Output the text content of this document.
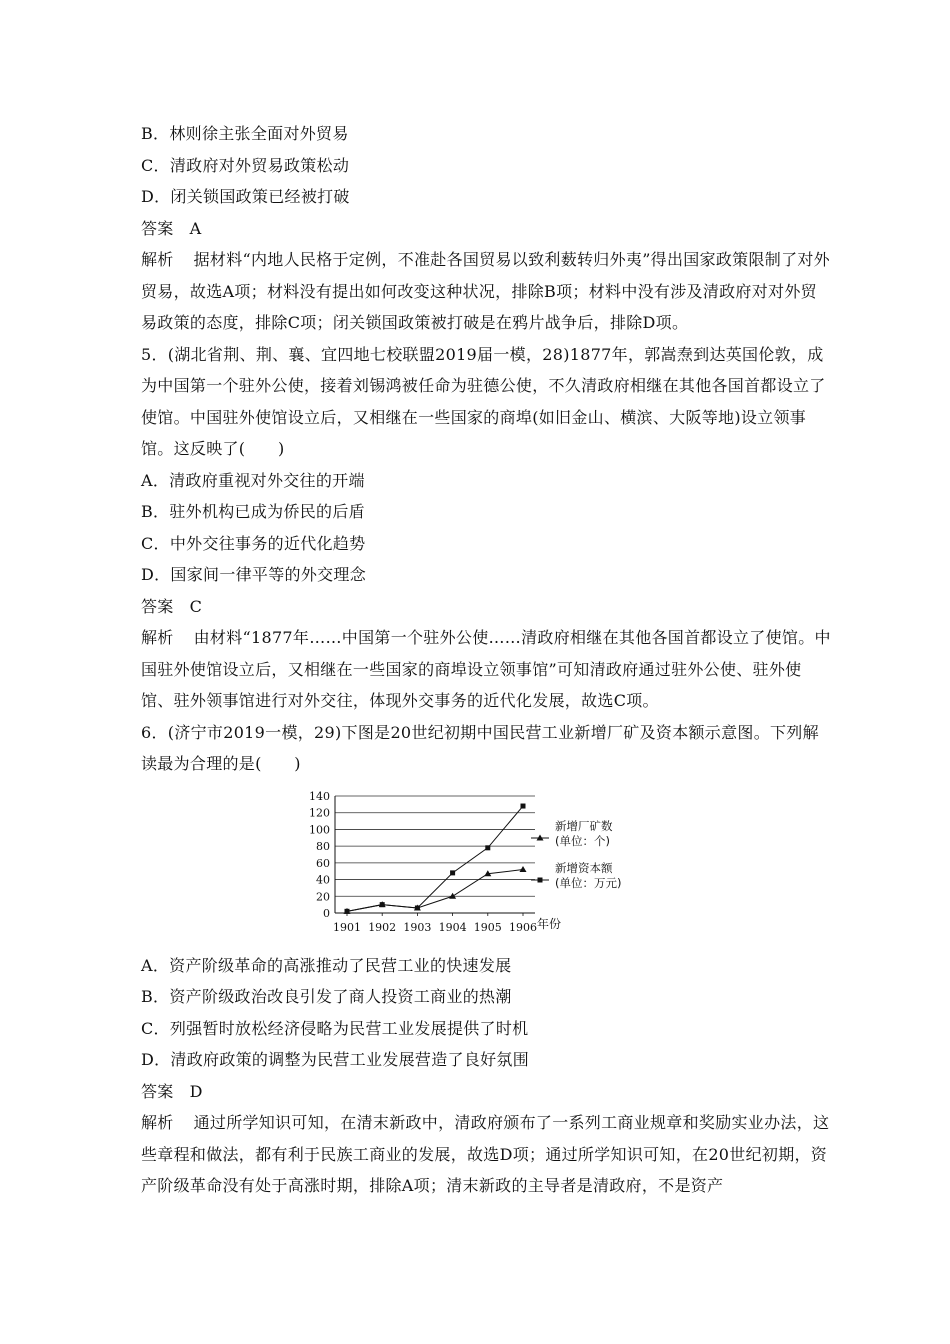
B．林则徐主张全面对外贸易
C．清政府对外贸易政策松动
D．闭关锁国政策已经被打破
答案 A
解析 据材料“内地人民格于定例，不准赴各国贸易以致利薮转归外夷”得出国家政策限制了对外贸易，故选A项；材料没有提出如何改变这种状况，排除B项；材料中没有涉及清政府对对外贸易政策的态度，排除C项；闭关锁国政策被打破是在鸦片战争后，排除D项。
5．(湖北省荆、荆、襄、宜四地七校联盟2019届一模，28)1877年，郭嵩焘到达英国伦敦，成为中国第一个驻外公使，接着刘锡鸿被任命为驻德公使，不久清政府相继在其他各国首都设立了使馆。中国驻外使馆设立后，又相继在一些国家的商埠(如旧金山、横滨、大阪等地)设立领事馆。这反映了(　　)
A．清政府重视对外交往的开端
B．驻外机构已成为侨民的后盾
C．中外交往事务的近代化趋势
D．国家间一律平等的外交理念
答案 C
解析 由材料“1877年……中国第一个驻外公使……清政府相继在其他各国首都设立了使馆。中国驻外使馆设立后，又相继在一些国家的商埠设立领事馆”可知清政府通过驻外公使、驻外使馆、驻外领事馆进行对外交往，体现外交事务的近代化发展，故选C项。
6．(济宁市2019一模，29)下图是20世纪初期中国民营工业新增厂矿及资本额示意图。下列解读最为合理的是(　　)
0
20
40
60
80
100
120
140
1901 1902 1903 1904 1905 1906 年份
新增厂矿数
(单位：个)
新增资本额
(单位：万元)
A．资产阶级革命的高涨推动了民营工业的快速发展
B．资产阶级政治改良引发了商人投资工商业的热潮
C．列强暂时放松经济侵略为民营工业发展提供了时机
D．清政府政策的调整为民营工业发展营造了良好氛围
答案 D
解析 通过所学知识可知，在清末新政中，清政府颁布了一系列工商业规章和奖励实业办法，这些章程和做法，都有利于民族工商业的发展，故选D项；通过所学知识可知，在20世纪初期，资产阶级革命没有处于高涨时期，排除A项；清末新政的主导者是清政府，不是资产
